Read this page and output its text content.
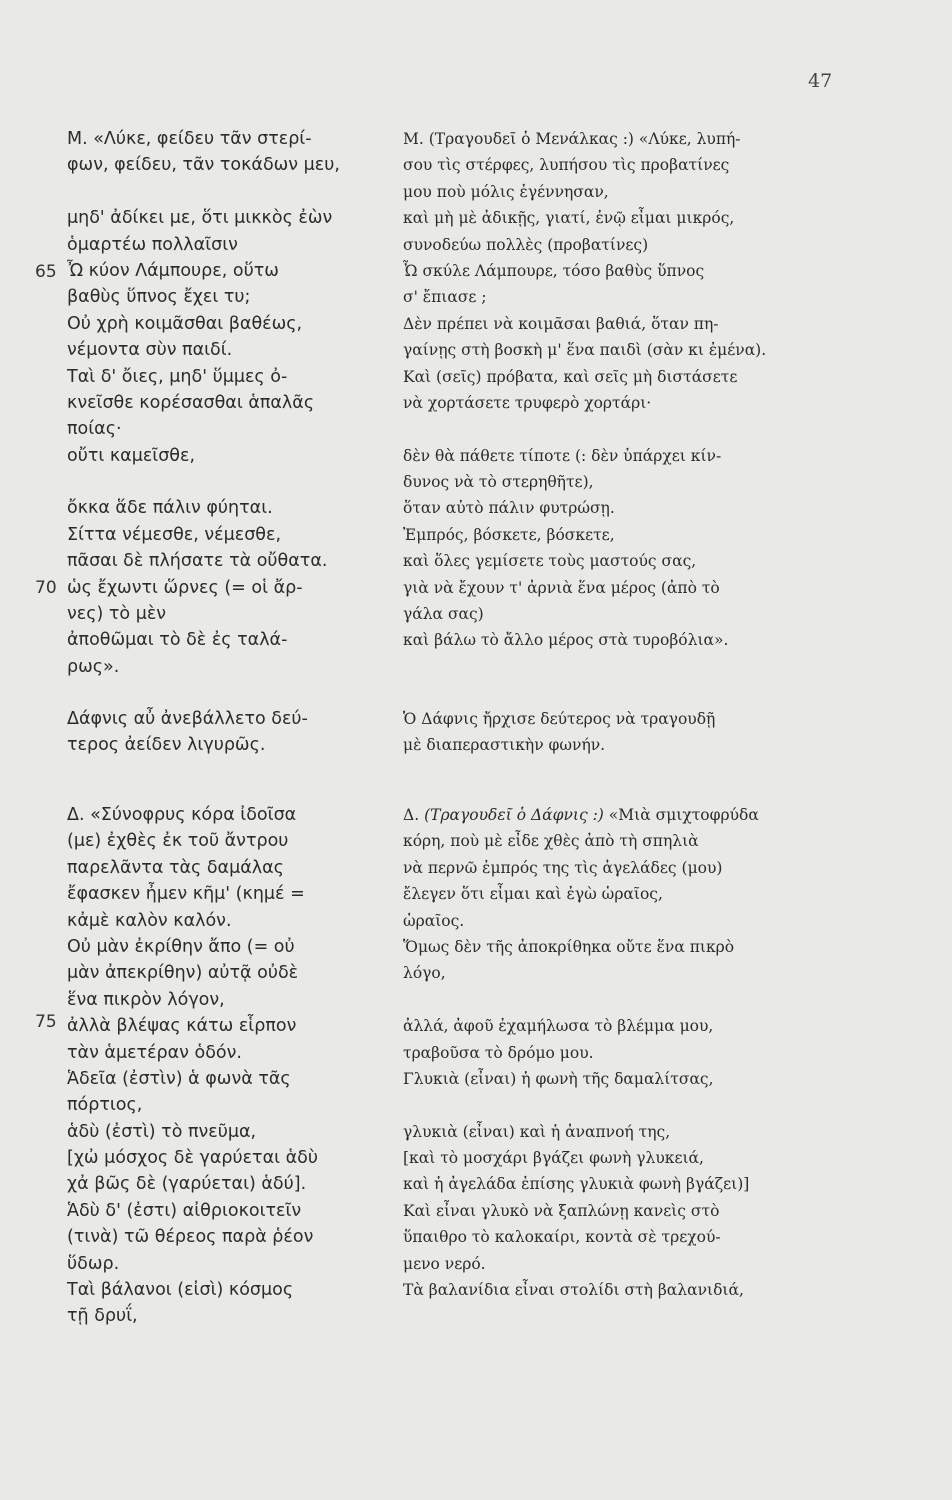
47
65
70
75
Μ. «Λύκε, φείδευ τᾶν στερί-
φων, φείδευ, τᾶν τοκάδων μευ,
μηδ' ἀδίκει με, ὅτι μικκὸς ἐὼν
ὁμαρτέω πολλαῖσιν
Ὦ κύον Λάμπουρε, οὕτω
βαθὺς ὕπνος ἔχει τυ;
Οὐ χρὴ κοιμᾶσθαι βαθέως,
νέμοντα σὺν παιδί.
Ταὶ δ' ὄιες, μηδ' ὕμμες ὀ-
κνεῖσθε κορέσασθαι ἁπαλᾶς
ποίας·
οὔτι καμεῖσθε,
ὄκκα ἅδε πάλιν φύηται.
Σίττα νέμεσθε, νέμεσθε,
πᾶσαι δὲ πλήσατε τὰ οὔθατα.
ὡς ἔχωντι ὥρνες (= οἱ ἄρ-
νες) τὸ μὲν
ἀποθῶμαι τὸ δὲ ἐς ταλά-
ρως».
Δάφνις αὖ ἀνεβάλλετο δεύ-
τερος ἀείδεν λιγυρῶς.
Δ. «Σύνοφρυς κόρα ἰδοῖσα
(με) ἐχθὲς ἐκ τοῦ ἄντρου
παρελᾶντα τὰς δαμάλας
ἔφασκεν ἦμεν κῆμ' (κημέ =
κἀμὲ καλὸν καλόν.
Οὐ μὰν ἐκρίθην ἄπο (= οὐ
μὰν ἀπεκρίθην) αὐτᾷ οὐδὲ
ἕνα πικρὸν λόγον,
ἀλλὰ βλέψας κάτω εἷρπον
τὰν ἁμετέραν ὁδόν.
Ἁδεῖα (ἐστὶν) ἁ φωνὰ τᾶς
πόρτιος,
ἁδὺ (ἐστὶ) τὸ πνεῦμα,
[χὠ μόσχος δὲ γαρύεται ἁδὺ
χἀ βῶς δὲ (γαρύεται) ἁδύ].
Ἁδὺ δ' (ἐστι) αἰθριοκοιτεῖν
(τινὰ) τῶ θέρεος παρὰ ῥέον
ὕδωρ.
Ταὶ βάλανοι (εἰσὶ) κόσμος
τῇ δρυΐ,
Μ. (Τραγουδεῖ ὁ Μενάλκας :) «Λύκε, λυπή-
σου τὶς στέρφες, λυπήσου τὶς προβατίνες
μου ποὺ μόλις ἐγέννησαν,
καὶ μὴ μὲ ἀδικῇς, γιατί, ἐνῷ εἶμαι μικρός,
συνοδεύω πολλὲς (προβατίνες)
Ὦ σκύλε Λάμπουρε, τόσο βαθὺς ὕπνος
σ' ἔπιασε ;
Δὲν πρέπει νὰ κοιμᾶσαι βαθιά, ὅταν πη-
γαίνῃς στὴ βοσκὴ μ' ἕνα παιδὶ (σὰν κι ἐμένα).
Καὶ (σεῖς) πρόβατα, καὶ σεῖς μὴ διστάσετε
νὰ χορτάσετε τρυφερὸ χορτάρι·
δὲν θὰ πάθετε τίποτε (: δὲν ὑπάρχει κίν-
δυνος νὰ τὸ στερηθῆτε),
ὅταν αὐτὸ πάλιν φυτρώσῃ.
Ἐμπρός, βόσκετε, βόσκετε,
καὶ ὅλες γεμίσετε τοὺς μαστούς σας,
γιὰ νὰ ἔχουν τ' ἀρνιὰ ἕνα μέρος (ἀπὸ τὸ
γάλα σας)
καὶ βάλω τὸ ἄλλο μέρος στὰ τυροβόλια».
Ὁ Δάφνις ἤρχισε δεύτερος νὰ τραγουδῇ
μὲ διαπεραστικὴν φωνήν.
Δ. (Τραγουδεῖ ὁ Δάφνις :) «Μιὰ σμιχτοφρύδα
κόρη, ποὺ μὲ εἶδε χθὲς ἀπὸ τὴ σπηλιὰ
νὰ περνῶ ἐμπρός της τὶς ἀγελάδες (μου)
ἔλεγεν ὅτι εἶμαι καὶ ἐγὼ ὡραῖος,
ὡραῖος.
Ὅμως δὲν τῆς ἀποκρίθηκα οὔτε ἕνα πικρὸ
λόγο,
ἀλλά, ἀφοῦ ἐχαμήλωσα τὸ βλέμμα μου,
τραβοῦσα τὸ δρόμο μου.
Γλυκιὰ (εἶναι) ἡ φωνὴ τῆς δαμαλίτσας,
γλυκιὰ (εἶναι) καὶ ἡ ἀναπνοή της,
[καὶ τὸ μοσχάρι βγάζει φωνὴ γλυκειά,
καὶ ἡ ἀγελάδα ἐπίσης γλυκιὰ φωνὴ βγάζει)]
Καὶ εἶναι γλυκὸ νὰ ξαπλώνῃ κανεὶς στὸ
ὕπαιθρο τὸ καλοκαίρι, κοντὰ σὲ τρεχού-
μενο νερό.
Τὰ βαλανίδια εἶναι στολίδι στὴ βαλανιδιά,
